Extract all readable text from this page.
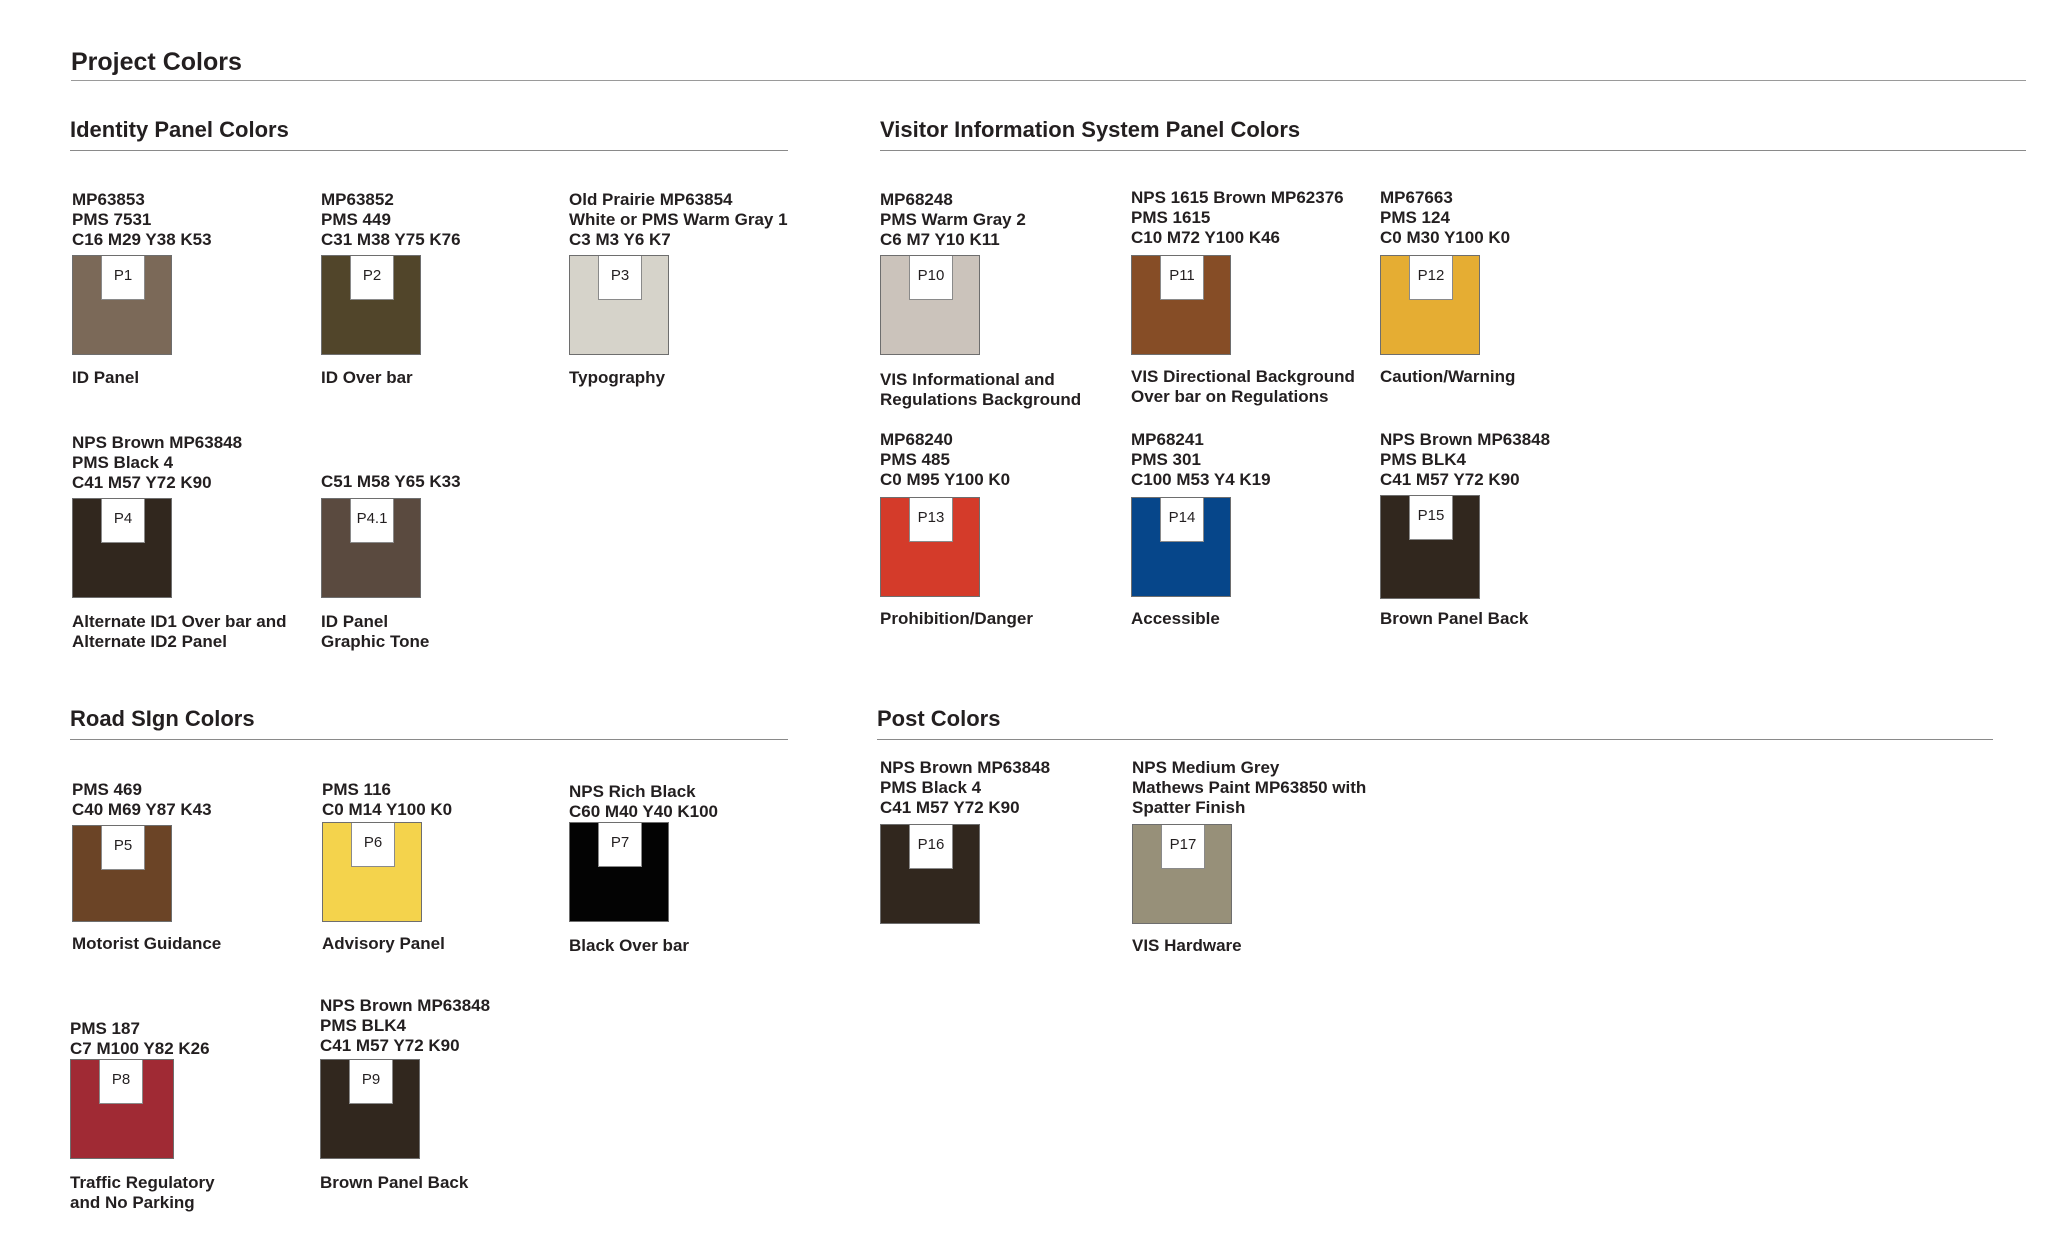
Project Colors
Identity Panel Colors	Visitor Information System Panel Colors
Road SIgn Colors	Post Colors
MP63853
PMS 7531
C16 M29 Y38 K53
P1
ID Panel
MP63852
PMS 449
C31 M38 Y75 K76
P2
ID Over bar
Old Prairie MP63854
White or PMS Warm Gray 1
C3 M3 Y6 K7
P3
Typography
NPS Brown MP63848
PMS Black 4
C41 M57 Y72 K90
P4
Alternate ID1 Over bar and
Alternate ID2 Panel
C51 M58 Y65 K33
P4.1
ID Panel
Graphic Tone
MP68248
PMS Warm Gray 2
C6 M7 Y10 K11
P10
VIS Informational and
Regulations Background
NPS 1615 Brown MP62376
PMS 1615
C10 M72 Y100 K46
P11
VIS Directional Background
Over bar on Regulations
MP67663
PMS 124
C0 M30 Y100 K0
P12
Caution/Warning
MP68240
PMS 485
C0 M95 Y100 K0
P13
Prohibition/Danger
MP68241
PMS 301
C100 M53 Y4 K19
P14
Accessible
NPS Brown MP63848
PMS BLK4
C41 M57 Y72 K90
P15
Brown Panel Back
PMS 469
C40 M69 Y87 K43
P5
Motorist Guidance
PMS 116
C0 M14 Y100 K0
P6
Advisory Panel
NPS Rich Black
C60 M40 Y40 K100
P7
Black Over bar
PMS 187
C7 M100 Y82 K26
P8
Traffic Regulatory
and No Parking
NPS Brown MP63848
PMS BLK4
C41 M57 Y72 K90
P9
Brown Panel Back
NPS Brown MP63848
PMS Black 4
C41 M57 Y72 K90
P16
NPS Medium Grey
Mathews Paint MP63850 with
Spatter Finish
P17
VIS Hardware
